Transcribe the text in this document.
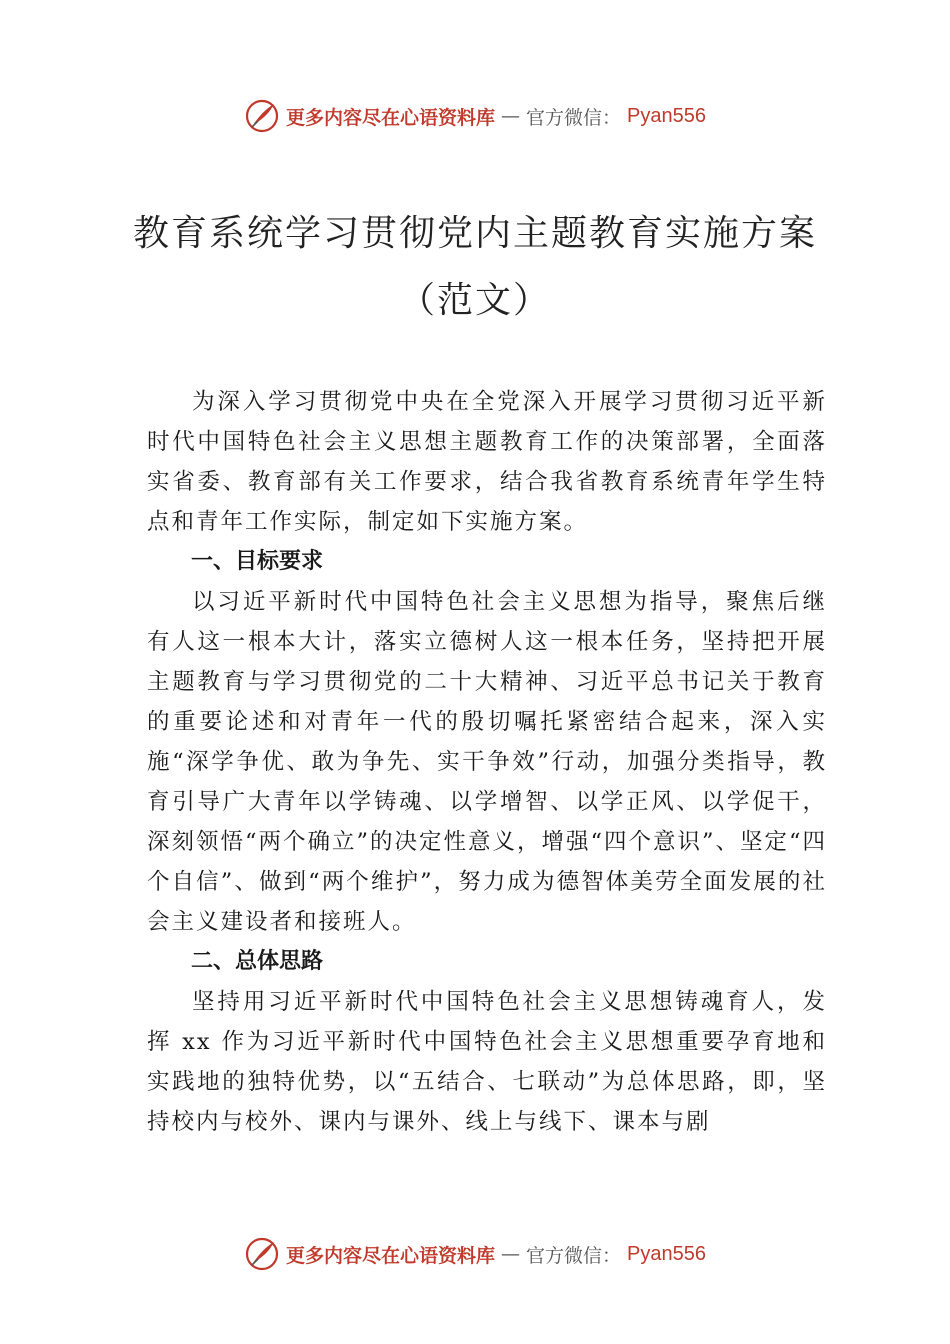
更多内容尽在心语资料库 — 官方微信： Pyan556
教育系统学习贯彻党内主题教育实施方案
（范文）

为深入学习贯彻党中央在全党深入开展学习贯彻习近平新时代中国特色社会主义思想主题教育工作的决策部署，全面落实省委、教育部有关工作要求，结合我省教育系统青年学生特点和青年工作实际，制定如下实施方案。

一、目标要求

以习近平新时代中国特色社会主义思想为指导，聚焦后继有人这一根本大计，落实立德树人这一根本任务，坚持把开展主题教育与学习贯彻党的二十大精神、习近平总书记关于教育的重要论述和对青年一代的殷切嘱托紧密结合起来，深入实施“深学争优、敢为争先、实干争效”行动，加强分类指导，教育引导广大青年以学铸魂、以学增智、以学正风、以学促干，深刻领悟“两个确立”的决定性意义，增强“四个意识”、坚定“四个自信”、做到“两个维护”，努力成为德智体美劳全面发展的社会主义建设者和接班人。

二、总体思路

坚持用习近平新时代中国特色社会主义思想铸魂育人，发挥 xx 作为习近平新时代中国特色社会主义思想重要孕育地和实践地的独特优势，以“五结合、七联动”为总体思路，即，坚持校内与校外、课内与课外、线上与线下、课本与剧

更多内容尽在心语资料库 — 官方微信： Pyan556
